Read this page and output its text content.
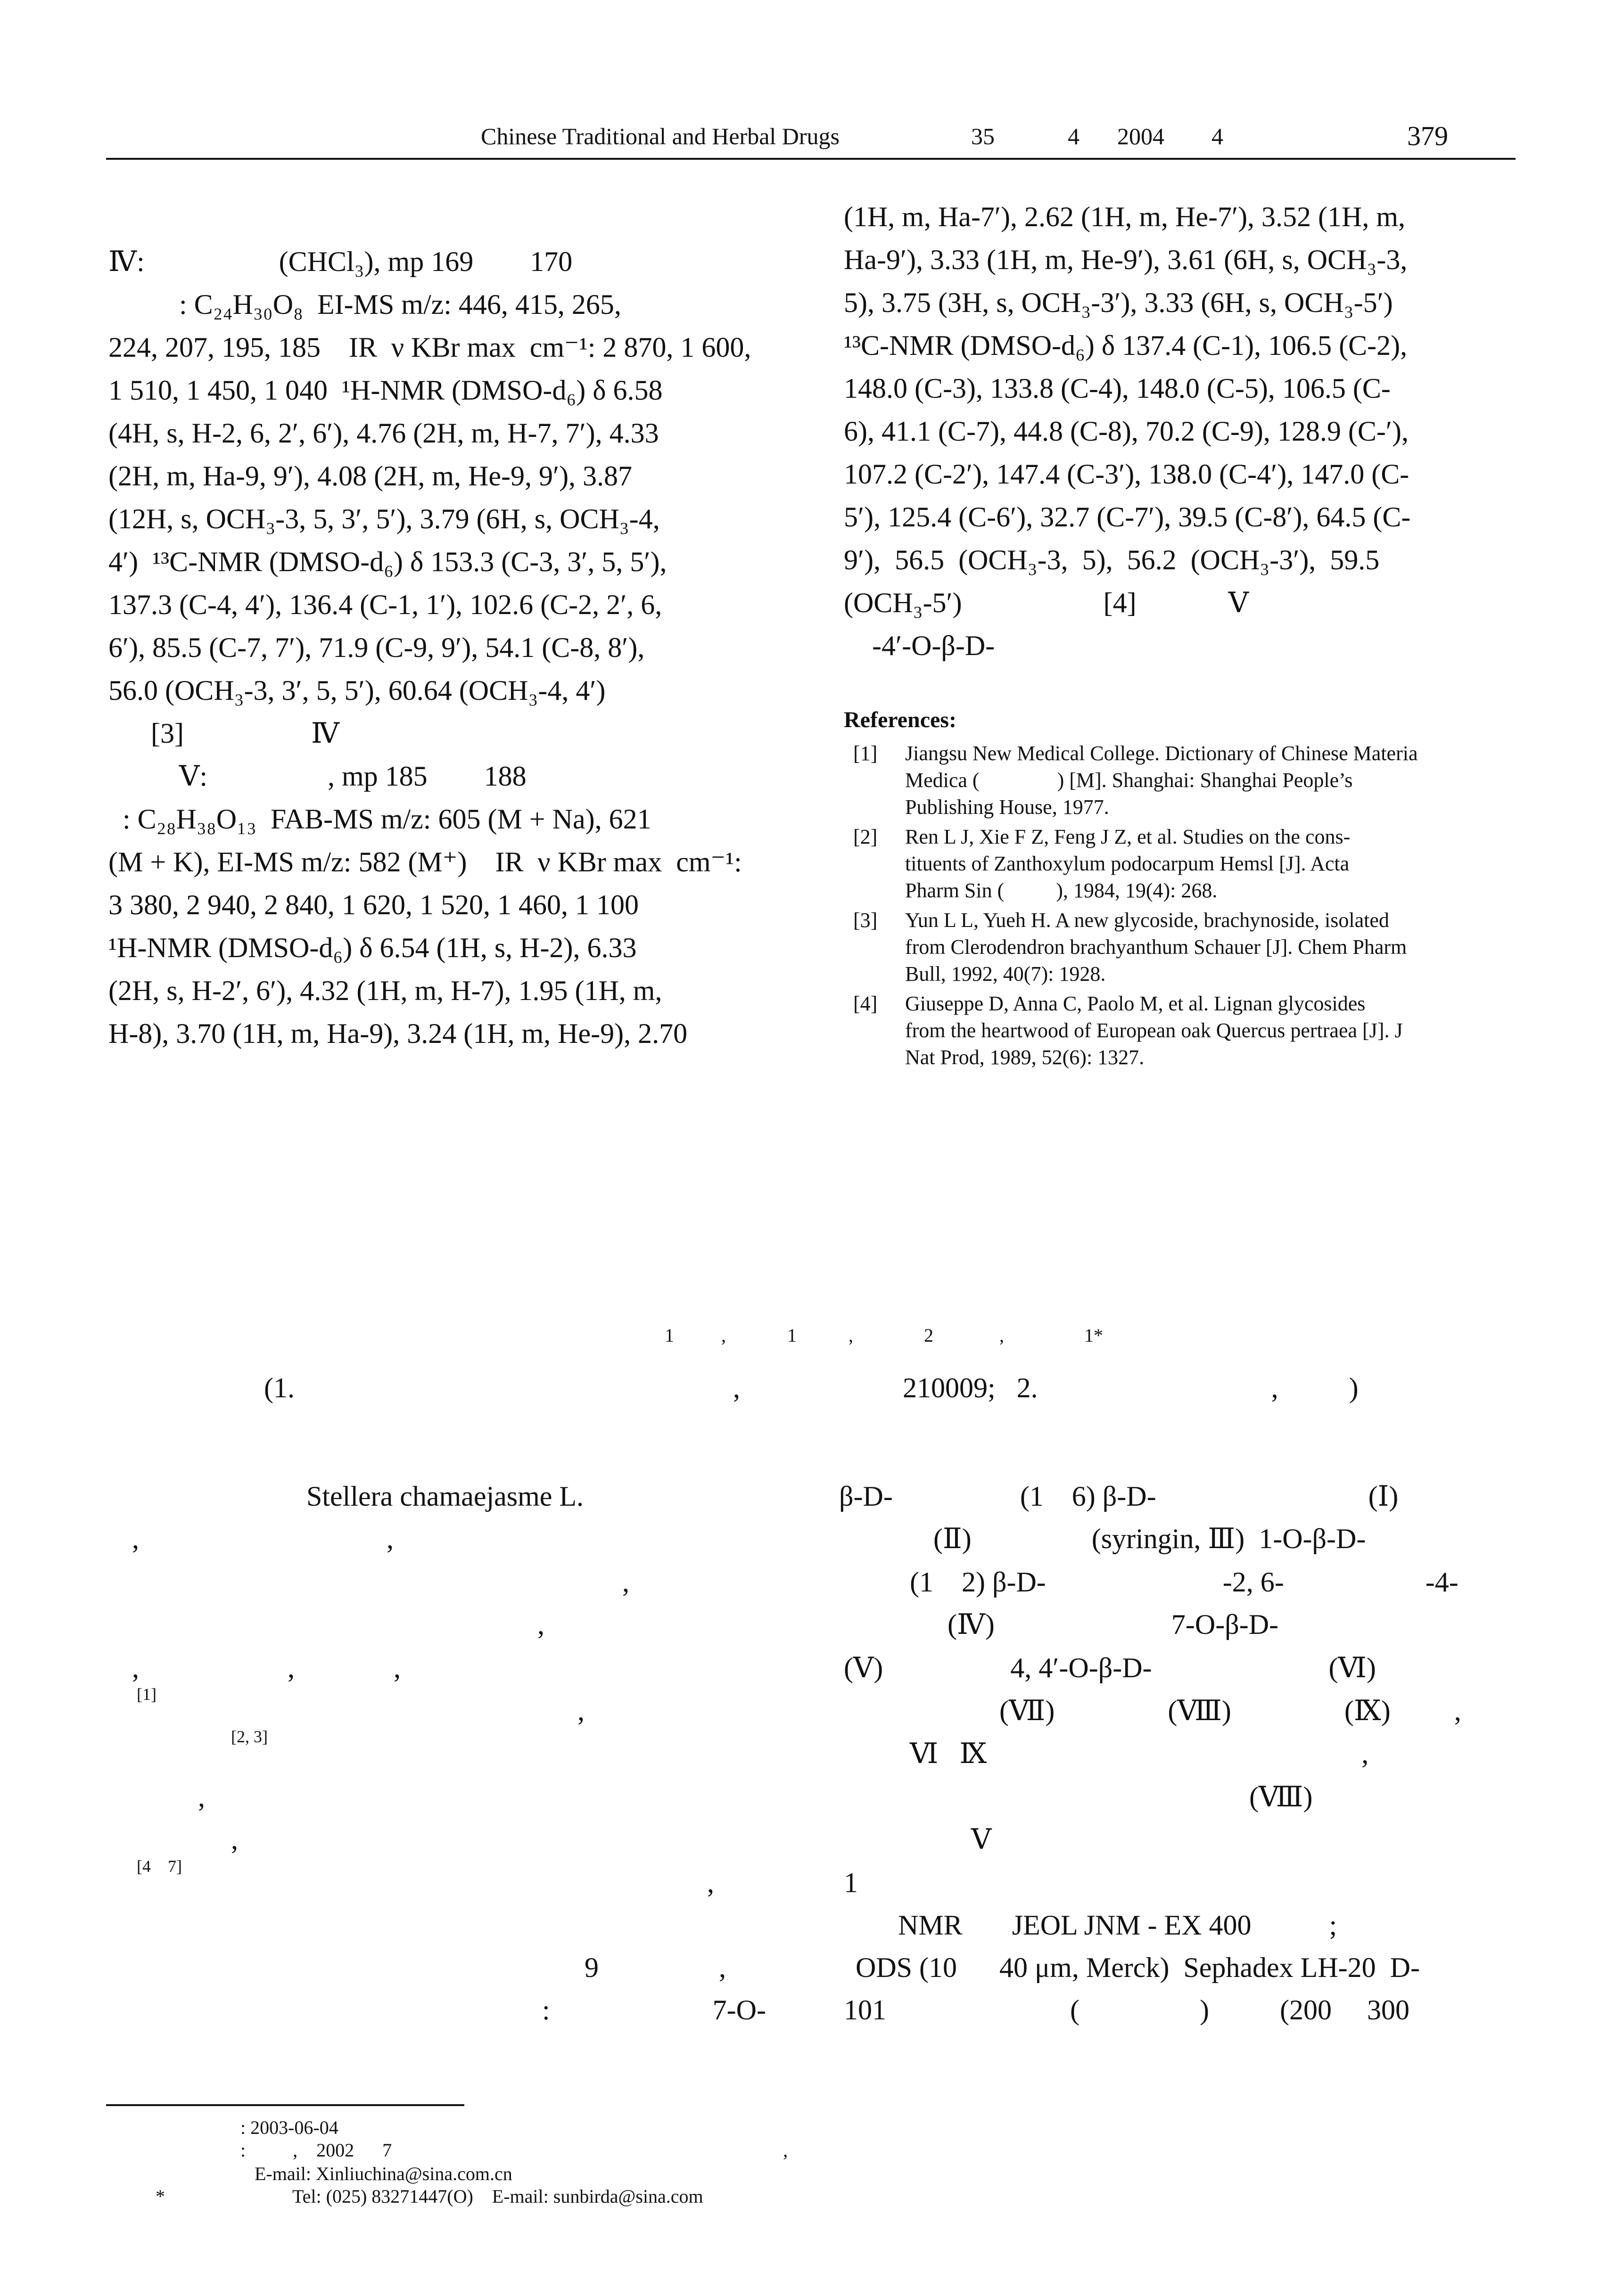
Chinese Traditional and Herbal Drugs	35	4 2004 4	379
Ⅳ:                   (CHCl₃), mp 169        170
: C₂₄H₃₀O₈  EI-MS m/z: 446, 415, 265,
224, 207, 195, 185    IR  ν KBr max  cm⁻¹: 2 870, 1 600,
1 510, 1 450, 1 040  ¹H-NMR (DMSO-d₆) δ 6.58
(4H, s, H-2, 6, 2′, 6′), 4.76 (2H, m, H-7, 7′), 4.33
(2H, m, Ha-9, 9′), 4.08 (2H, m, He-9, 9′), 3.87
(12H, s, OCH₃-3, 5, 3′, 5′), 3.79 (6H, s, OCH₃-4,
4′)  ¹³C-NMR (DMSO-d₆) δ 153.3 (C-3, 3′, 5, 5′),
137.3 (C-4, 4′), 136.4 (C-1, 1′), 102.6 (C-2, 2′, 6,
6′), 85.5 (C-7, 7′), 71.9 (C-9, 9′), 54.1 (C-8, 8′),
56.0 (OCH₃-3, 3′, 5, 5′), 60.64 (OCH₃-4, 4′)
[3]                  Ⅳ
Ⅴ:                 , mp 185        188
: C₂₈H₃₈O₁₃  FAB-MS m/z: 605 (M + Na), 621
(M + K), EI-MS m/z: 582 (M⁺)    IR  ν KBr max  cm⁻¹:
3 380, 2 940, 2 840, 1 620, 1 520, 1 460, 1 100
¹H-NMR (DMSO-d₆) δ 6.54 (1H, s, H-2), 6.33
(2H, s, H-2′, 6′), 4.32 (1H, m, H-7), 1.95 (1H, m,
H-8), 3.70 (1H, m, Ha-9), 3.24 (1H, m, He-9), 2.70
(1H, m, Ha-7′), 2.62 (1H, m, He-7′), 3.52 (1H, m,
Ha-9′), 3.33 (1H, m, He-9′), 3.61 (6H, s, OCH₃-3,
5), 3.75 (3H, s, OCH₃-3′), 3.33 (6H, s, OCH₃-5′)
¹³C-NMR (DMSO-d₆) δ 137.4 (C-1), 106.5 (C-2),
148.0 (C-3), 133.8 (C-4), 148.0 (C-5), 106.5 (C-
6), 41.1 (C-7), 44.8 (C-8), 70.2 (C-9), 128.9 (C-′),
107.2 (C-2′), 147.4 (C-3′), 138.0 (C-4′), 147.0 (C-
5′), 125.4 (C-6′), 32.7 (C-7′), 39.5 (C-8′), 64.5 (C-
9′),  56.5  (OCH₃-3,  5),  56.2  (OCH₃-3′),  59.5
(OCH₃-5′)                    [4]             Ⅴ
-4′-O-β-D-
References:
[1] Jiangsu New Medical College. Dictionary of Chinese Materia
Medica (               ) [M]. Shanghai: Shanghai People’s
Publishing House, 1977.
[2] Ren L J, Xie F Z, Feng J Z, et al. Studies on the cons-
tituents of Zanthoxylum podocarpum Hemsl [J]. Acta
Pharm Sin (          ), 1984, 19(4): 268.
[3] Yun L L, Yueh H. A new glycoside, brachynoside, isolated
from Clerodendron brachyanthum Schauer [J]. Chem Pharm
Bull, 1992, 40(7): 1928.
[4] Giuseppe D, Anna C, Paolo M, et al. Lignan glycosides
from the heartwood of European oak Quercus pertraea [J]. J
Nat Prod, 1989, 52(6): 1327.
1          ,             1           ,               2              ,                 1*
(1.                                                              ,                       210009;   2.                                 ,          )
Stellera chamaejasme L.
,                                   ,
,
,
,                     ,              ,
[1]
,
[2, 3]
,
,
[4    7]
,
9                 ,
:                       7-O-
β-D-                  (1    6) β-D-                              (Ⅰ)
(Ⅱ)                 (syringin, Ⅲ)  1-O-β-D-
(1    2) β-D-                         -2, 6-                    -4-
(Ⅳ)                         7-O-β-D-
(Ⅴ)                  4, 4′-O-β-D-                         (Ⅵ)
(Ⅶ)                (Ⅷ)                (Ⅸ)         ,
Ⅵ   Ⅸ                                                     ,
(Ⅷ)
Ⅴ
1
NMR       JEOL JNM - EX 400           ;
ODS (10      40 μm, Merck)  Sephadex LH-20  D-
101                          (                 )          (200     300
: 2003-06-04
:          ,    2002      7                                                                                   ,
E-mail: Xinliuchina@sina.com.cn
*	Tel: (025) 83271447(O)    E-mail: sunbirda@sina.com
